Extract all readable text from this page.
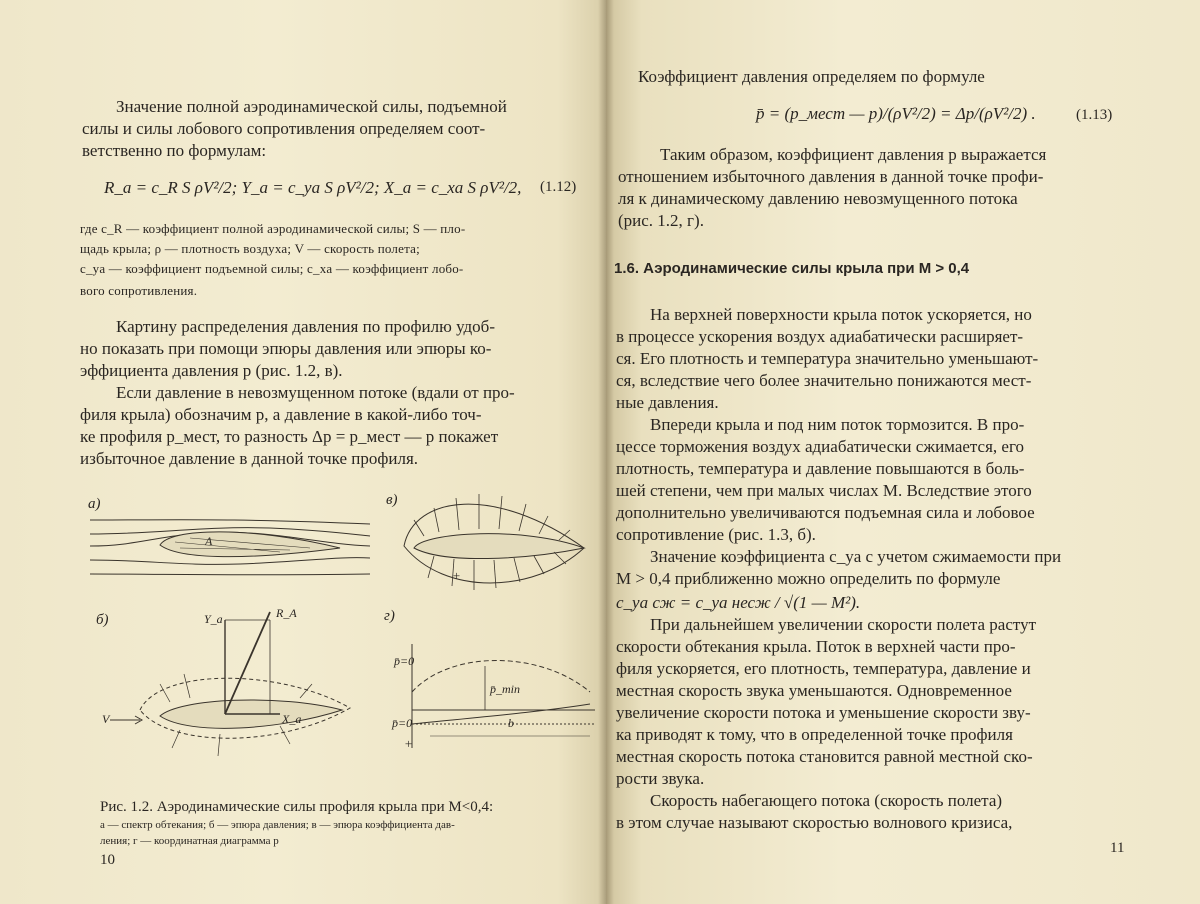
Значение полной аэродинамической силы, подъемной
силы и силы лобового сопротивления определяем соот-
ветственно по формулам:
R_a = c_R S ρV²/2; Y_a = c_ya S ρV²/2; X_a = c_xa S ρV²/2, (1.12)
где c_R — коэффициент полной аэродинамической силы; S — пло-
щадь крыла; ρ — плотность воздуха; V — скорость полета;
c_ya — коэффициент подъемной силы; c_xa — коэффициент лобо-
вого сопротивления.
Картину распределения давления по профилю удоб-
но показать при помощи эпюры давления или эпюры ко-
эффициента давления p (рис. 1.2, в).
Если давление в невозмущенном потоке (вдали от про-
филя крыла) обозначим p, а давление в какой-либо точ-
ке профиля p_мест, то разность Δp = p_мест — p покажет
избыточное давление в данной точке профиля.
а)
A
в)
+
б)	Y_a	R_A
X_a
V
г)
p̄=0
p̄=0
p̄_min
b
+
Рис. 1.2. Аэродинамические силы профиля крыла при M<0,4:
а — спектр обтекания; б — эпюра давления; в — эпюра коэффициента дав-
ления; г — координатная диаграмма p
10
Коэффициент давления определяем по формуле
p̄ = (p_мест — p)/(ρV²/2) = Δp/(ρV²/2) .	(1.13)
Таким образом, коэффициент давления p выражается
отношением избыточного давления в данной точке профи-
ля к динамическому давлению невозмущенного потока
(рис. 1.2, г).
1.6. Аэродинамические силы крыла при M > 0,4
На верхней поверхности крыла поток ускоряется, но
в процессе ускорения воздух адиабатически расширяет-
ся. Его плотность и температура значительно уменьшают-
ся, вследствие чего более значительно понижаются мест-
ные давления.
Впереди крыла и под ним поток тормозится. В про-
цессе торможения воздух адиабатически сжимается, его
плотность, температура и давление повышаются в боль-
шей степени, чем при малых числах M. Вследствие этого
дополнительно увеличиваются подъемная сила и лобовое
сопротивление (рис. 1.3, б).
Значение коэффициента c_ya с учетом сжимаемости при
M > 0,4 приближенно можно определить по формуле
c_ya сж = c_ya несж / √(1 — M²).
При дальнейшем увеличении скорости полета растут
скорости обтекания крыла. Поток в верхней части про-
филя ускоряется, его плотность, температура, давление и
местная скорость звука уменьшаются. Одновременное
увеличение скорости потока и уменьшение скорости зву-
ка приводят к тому, что в определенной точке профиля
местная скорость потока становится равной местной ско-
рости звука.
Скорость набегающего потока (скорость полета)
в этом случае называют скоростью волнового кризиса,
11
